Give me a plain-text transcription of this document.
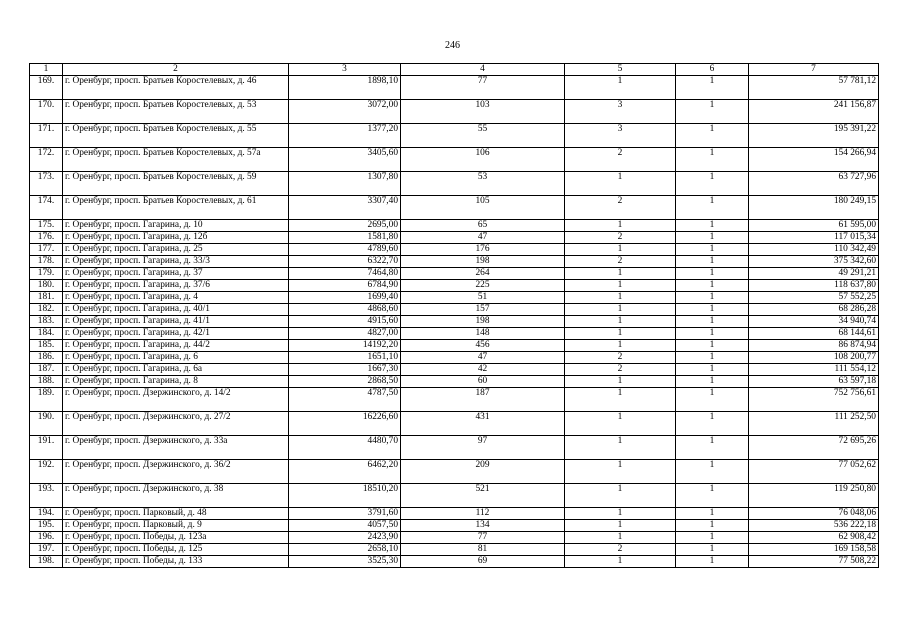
246
1	2	3	4	5	6	7
169.	г. Оренбург, просп. Братьев Коростелевых, д. 46	1898,10	77	1	1	57 781,12
170.	г. Оренбург, просп. Братьев Коростелевых, д. 53	3072,00	103	3	1	241 156,87
171.	г. Оренбург, просп. Братьев Коростелевых, д. 55	1377,20	55	3	1	195 391,22
172.	г. Оренбург, просп. Братьев Коростелевых, д. 57а	3405,60	106	2	1	154 266,94
173.	г. Оренбург, просп. Братьев Коростелевых, д. 59	1307,80	53	1	1	63 727,96
174.	г. Оренбург, просп. Братьев Коростелевых, д. 61	3307,40	105	2	1	180 249,15
175.	г. Оренбург, просп. Гагарина, д. 10	2695,00	65	1	1	61 595,00
176.	г. Оренбург, просп. Гагарина, д. 12б	1581,80	47	2	1	117 015,34
177.	г. Оренбург, просп. Гагарина, д. 25	4789,60	176	1	1	110 342,49
178.	г. Оренбург, просп. Гагарина, д. 33/3	6322,70	198	2	1	375 342,60
179.	г. Оренбург, просп. Гагарина, д. 37	7464,80	264	1	1	49 291,21
180.	г. Оренбург, просп. Гагарина, д. 37/6	6784,90	225	1	1	118 637,80
181.	г. Оренбург, просп. Гагарина, д. 4	1699,40	51	1	1	57 552,25
182.	г. Оренбург, просп. Гагарина, д. 40/1	4868,60	157	1	1	68 286,28
183.	г. Оренбург, просп. Гагарина, д. 41/1	4915,60	198	1	1	34 940,74
184.	г. Оренбург, просп. Гагарина, д. 42/1	4827,00	148	1	1	68 144,61
185.	г. Оренбург, просп. Гагарина, д. 44/2	14192,20	456	1	1	86 874,94
186.	г. Оренбург, просп. Гагарина, д. 6	1651,10	47	2	1	108 200,77
187.	г. Оренбург, просп. Гагарина, д. 6а	1667,30	42	2	1	111 554,12
188.	г. Оренбург, просп. Гагарина, д. 8	2868,50	60	1	1	63 597,18
189.	г. Оренбург, просп. Дзержинского, д. 14/2	4787,50	187	1	1	752 756,61
190.	г. Оренбург, просп. Дзержинского, д. 27/2	16226,60	431	1	1	111 252,50
191.	г. Оренбург, просп. Дзержинского, д. 33а	4480,70	97	1	1	72 695,26
192.	г. Оренбург, просп. Дзержинского, д. 36/2	6462,20	209	1	1	77 052,62
193.	г. Оренбург, просп. Дзержинского, д. 38	18510,20	521	1	1	119 250,80
194.	г. Оренбург, просп. Парковый, д. 48	3791,60	112	1	1	76 048,06
195.	г. Оренбург, просп. Парковый, д. 9	4057,50	134	1	1	536 222,18
196.	г. Оренбург, просп. Победы, д. 123а	2423,90	77	1	1	62 908,42
197.	г. Оренбург, просп. Победы, д. 125	2658,10	81	2	1	169 158,58
198.	г. Оренбург, просп. Победы, д. 133	3525,30	69	1	1	77 508,22
